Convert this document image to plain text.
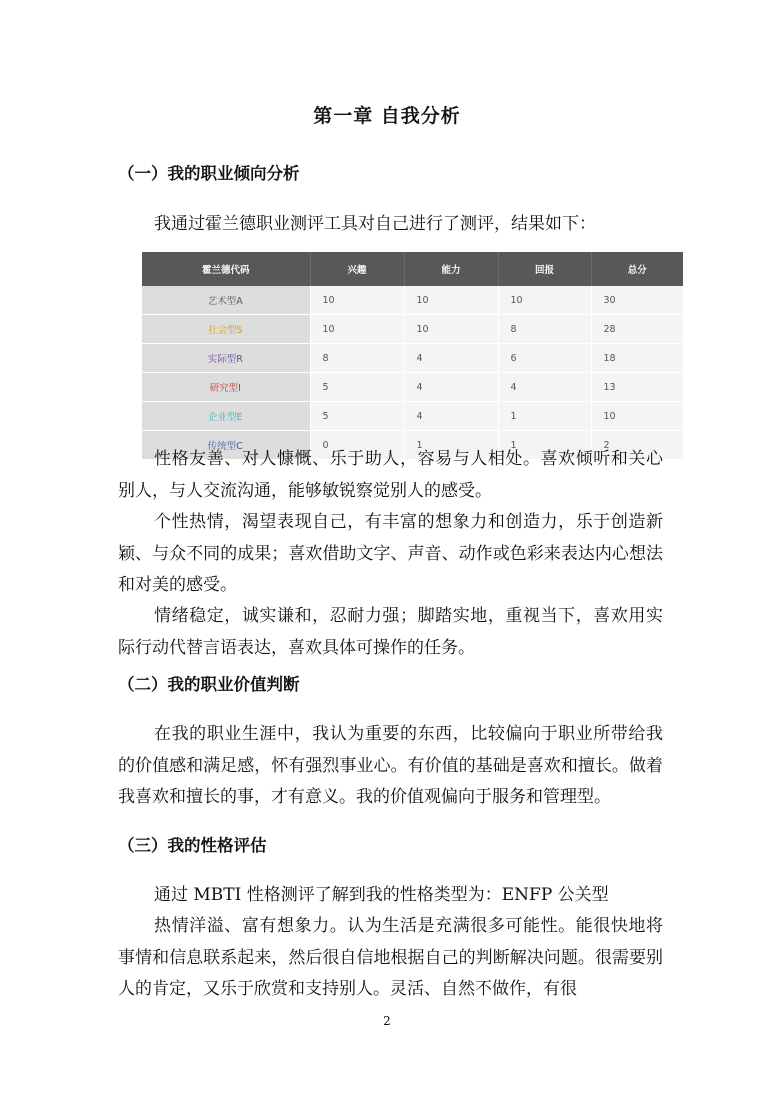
第一章 自我分析
（一）我的职业倾向分析
我通过霍兰德职业测评工具对自己进行了测评，结果如下：
霍兰德代码	兴趣	能力	回报	总分
艺术型A	10	10	10	30
社会型S	10	10	8	28
实际型R	8	4	6	18
研究型I	5	4	4	13
企业型E	5	4	1	10
传统型C	0	1	1	2
性格友善、对人慷慨、乐于助人，容易与人相处。喜欢倾听和关心别人，与人交流沟通，能够敏锐察觉别人的感受。
个性热情，渴望表现自己，有丰富的想象力和创造力，乐于创造新颖、与众不同的成果；喜欢借助文字、声音、动作或色彩来表达内心想法和对美的感受。
情绪稳定，诚实谦和，忍耐力强；脚踏实地，重视当下，喜欢用实际行动代替言语表达，喜欢具体可操作的任务。
（二）我的职业价值判断
在我的职业生涯中，我认为重要的东西，比较偏向于职业所带给我的价值感和满足感，怀有强烈事业心。有价值的基础是喜欢和擅长。做着我喜欢和擅长的事，才有意义。我的价值观偏向于服务和管理型。
（三）我的性格评估
通过 MBTI 性格测评了解到我的性格类型为：ENFP 公关型
热情洋溢、富有想象力。认为生活是充满很多可能性。能很快地将事情和信息联系起来，然后很自信地根据自己的判断解决问题。很需要别人的肯定，又乐于欣赏和支持别人。灵活、自然不做作，有很
2
